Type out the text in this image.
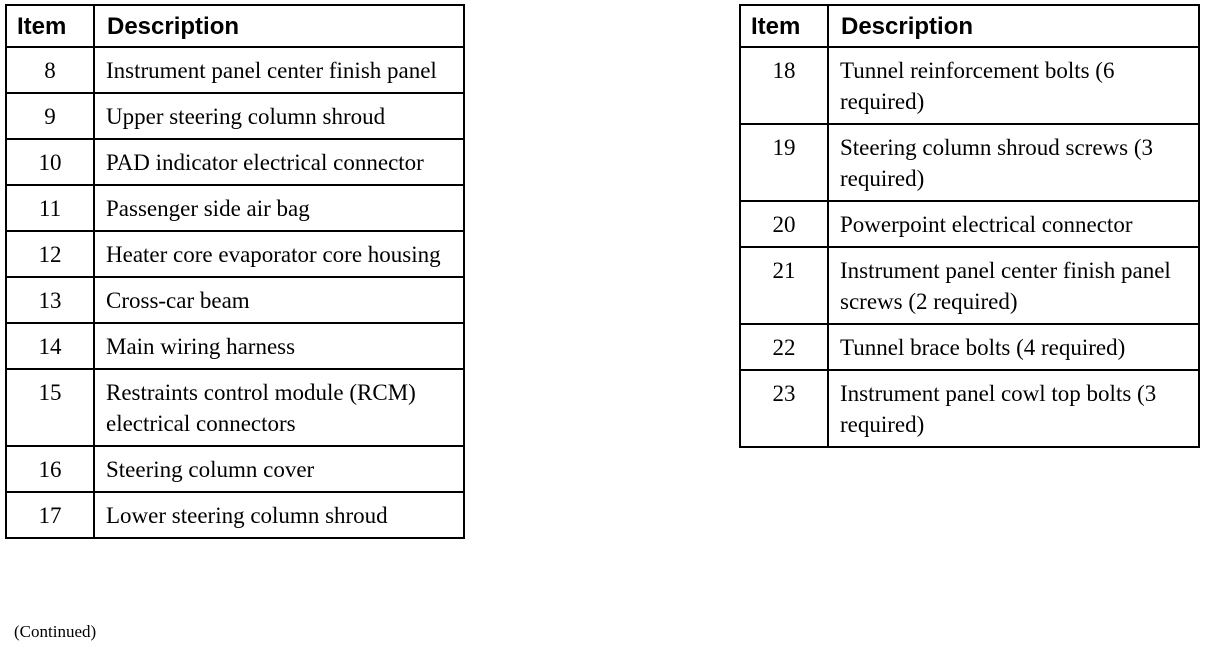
Item	Description
8	Instrument panel center finish panel
9	Upper steering column shroud
10	PAD indicator electrical connector
11	Passenger side air bag
12	Heater core evaporator core housing
13	Cross-car beam
14	Main wiring harness
15	Restraints control module (RCM) electrical connectors
16	Steering column cover
17	Lower steering column shroud
Item	Description
18	Tunnel reinforcement bolts (6 required)
19	Steering column shroud screws (3 required)
20	Powerpoint electrical connector
21	Instrument panel center finish panel screws (2 required)
22	Tunnel brace bolts (4 required)
23	Instrument panel cowl top bolts (3 required)
(Continued)
